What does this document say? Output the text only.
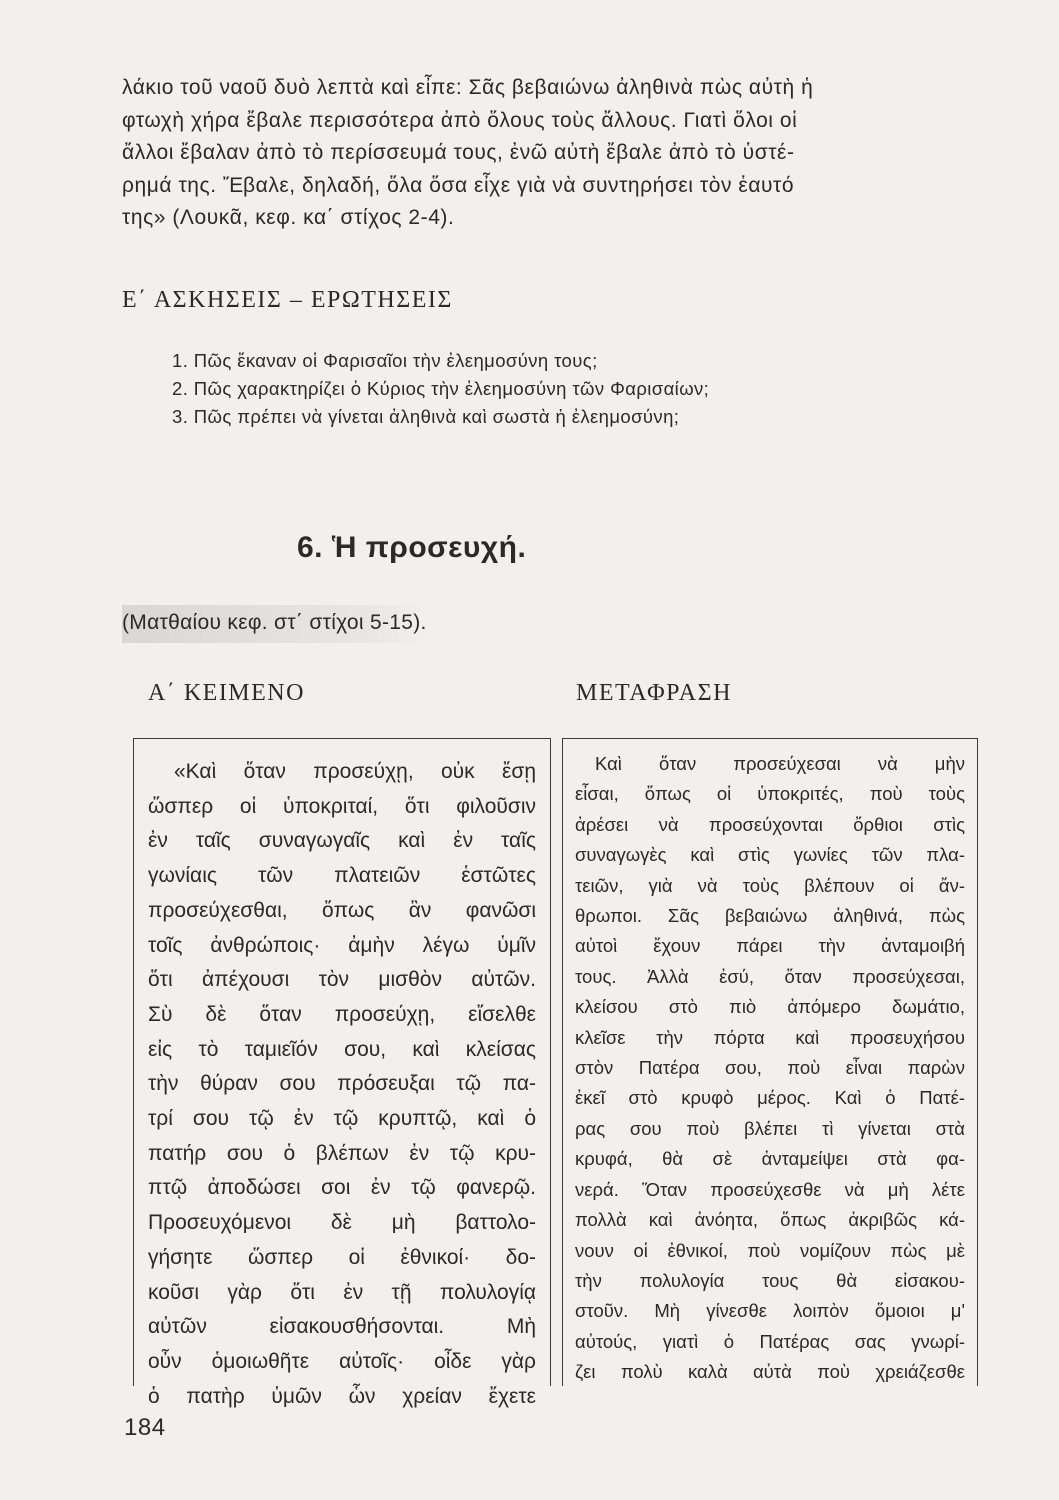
λάκιο τοῦ ναοῦ δυὸ λεπτὰ καὶ εἶπε: Σᾶς βεβαιώνω ἀληθινὰ πὼς αὐτὴ ἡ
φτωχὴ χήρα ἔβαλε περισσότερα ἀπὸ ὅλους τοὺς ἄλλους. Γιατὶ ὅλοι οἱ
ἄλλοι ἔβαλαν ἀπὸ τὸ περίσσευμά τους, ἐνῶ αὐτὴ ἔβαλε ἀπὸ τὸ ὑστέ-
ρημά της. Ἔβαλε, δηλαδή, ὅλα ὅσα εἶχε γιὰ νὰ συντηρήσει τὸν ἑαυτό
της» (Λουκᾶ, κεφ. κα΄ στίχος 2-4).
Ε΄ ΑΣΚΗΣΕΙΣ – ΕΡΩΤΗΣΕΙΣ
1. Πῶς ἔκαναν οἱ Φαρισαῖοι τὴν ἐλεημοσύνη τους;
2. Πῶς χαρακτηρίζει ὁ Κύριος τὴν ἐλεημοσύνη τῶν Φαρισαίων;
3. Πῶς πρέπει νὰ γίνεται ἀληθινὰ καὶ σωστὰ ἡ ἐλεημοσύνη;
6. Ἡ προσευχή.
(Ματθαίου κεφ. στ΄ στίχοι 5-15).
Α΄ ΚΕΙΜΕΝΟ	ΜΕΤΑΦΡΑΣΗ
«Καὶ ὅταν προσεύχῃ, οὐκ ἔσῃ
ὥσπερ οἱ ὑποκριταί, ὅτι φιλοῦσιν
ἐν ταῖς συναγωγαῖς καὶ ἐν ταῖς
γωνίαις τῶν πλατειῶν ἑστῶτες
προσεύχεσθαι, ὅπως ἂν φανῶσι
τοῖς ἀνθρώποις· ἀμὴν λέγω ὑμῖν
ὅτι ἀπέχουσι τὸν μισθὸν αὐτῶν.
Σὺ δὲ ὅταν προσεύχῃ, εἴσελθε
εἰς τὸ ταμιεῖόν σου, καὶ κλείσας
τὴν θύραν σου πρόσευξαι τῷ πα-
τρί σου τῷ ἐν τῷ κρυπτῷ, καὶ ὁ
πατήρ σου ὁ βλέπων ἐν τῷ κρυ-
πτῷ ἀποδώσει σοι ἐν τῷ φανερῷ.
Προσευχόμενοι δὲ μὴ βαττολο-
γήσητε ὥσπερ οἱ ἐθνικοί· δο-
κοῦσι γὰρ ὅτι ἐν τῇ πολυλογίᾳ
αὐτῶν εἰσακουσθήσονται. Μὴ
οὖν ὁμοιωθῆτε αὐτοῖς· οἶδε γὰρ
ὁ πατὴρ ὑμῶν ὧν χρείαν ἔχετε
Καὶ ὅταν προσεύχεσαι νὰ μὴν
εἶσαι, ὅπως οἱ ὑποκριτές, ποὺ τοὺς
ἀρέσει νὰ προσεύχονται ὄρθιοι στὶς
συναγωγὲς καὶ στὶς γωνίες τῶν πλα-
τειῶν, γιὰ νὰ τοὺς βλέπουν οἱ ἄν-
θρωποι. Σᾶς βεβαιώνω ἀληθινά, πὼς
αὐτοὶ ἔχουν πάρει τὴν ἀνταμοιβή
τους. Ἀλλὰ ἐσύ, ὅταν προσεύχεσαι,
κλείσου στὸ πιὸ ἀπόμερο δωμάτιο,
κλεῖσε τὴν πόρτα καὶ προσευχήσου
στὸν Πατέρα σου, ποὺ εἶναι παρὼν
ἐκεῖ στὸ κρυφὸ μέρος. Καὶ ὁ Πατέ-
ρας σου ποὺ βλέπει τὶ γίνεται στὰ
κρυφά, θὰ σὲ ἀνταμείψει στὰ φα-
νερά. Ὅταν προσεύχεσθε νὰ μὴ λέτε
πολλὰ καὶ ἀνόητα, ὅπως ἀκριβῶς κά-
νουν οἱ ἐθνικοί, ποὺ νομίζουν πὼς μὲ
τὴν πολυλογία τους θὰ εἰσακου-
στοῦν. Μὴ γίνεσθε λοιπὸν ὅμοιοι μ'
αὐτούς, γιατὶ ὁ Πατέρας σας γνωρί-
ζει πολὺ καλὰ αὐτὰ ποὺ χρειάζεσθε
184
